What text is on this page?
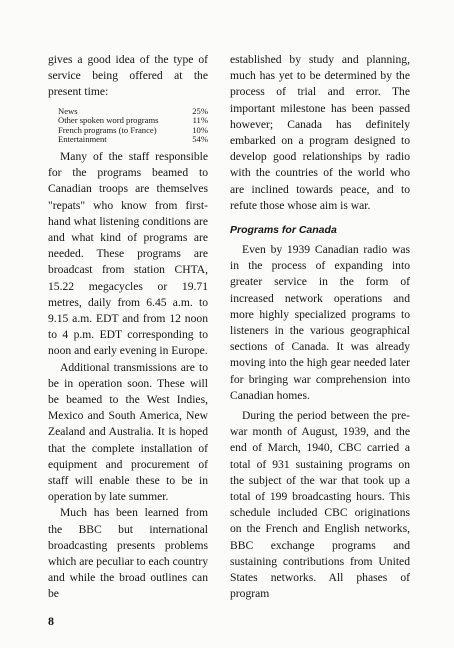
gives a good idea of the type of service being offered at the present time:

News	25%
Other spoken word programs	11%
French programs (to France)	10%
Entertainment	54%

Many of the staff responsible for the programs beamed to Canadian troops are themselves "repats" who know from first-hand what listening conditions are and what kind of programs are needed. These programs are broadcast from station CHTA, 15.22 megacycles or 19.71 metres, daily from 6.45 a.m. to 9.15 a.m. EDT and from 12 noon to 4 p.m. EDT corresponding to noon and early evening in Europe.

Additional transmissions are to be in operation soon. These will be beamed to the West Indies, Mexico and South America, New Zealand and Australia. It is hoped that the complete installation of equipment and procurement of staff will enable these to be in operation by late summer.

Much has been learned from the BBC but international broadcasting presents problems which are peculiar to each country and while the broad outlines can be

established by study and planning, much has yet to be determined by the process of trial and error. The important milestone has been passed however; Canada has definitely embarked on a program designed to develop good relationships by radio with the countries of the world who are inclined towards peace, and to refute those whose aim is war.

Programs for Canada

Even by 1939 Canadian radio was in the process of expanding into greater service in the form of increased network operations and more highly specialized programs to listeners in the various geographical sections of Canada. It was already moving into the high gear needed later for bringing war comprehension into Canadian homes.

During the period between the pre-war month of August, 1939, and the end of March, 1940, CBC carried a total of 931 sustaining programs on the subject of the war that took up a total of 199 broadcasting hours. This schedule included CBC originations on the French and English networks, BBC exchange programs and sustaining contributions from United States networks. All phases of program

8
